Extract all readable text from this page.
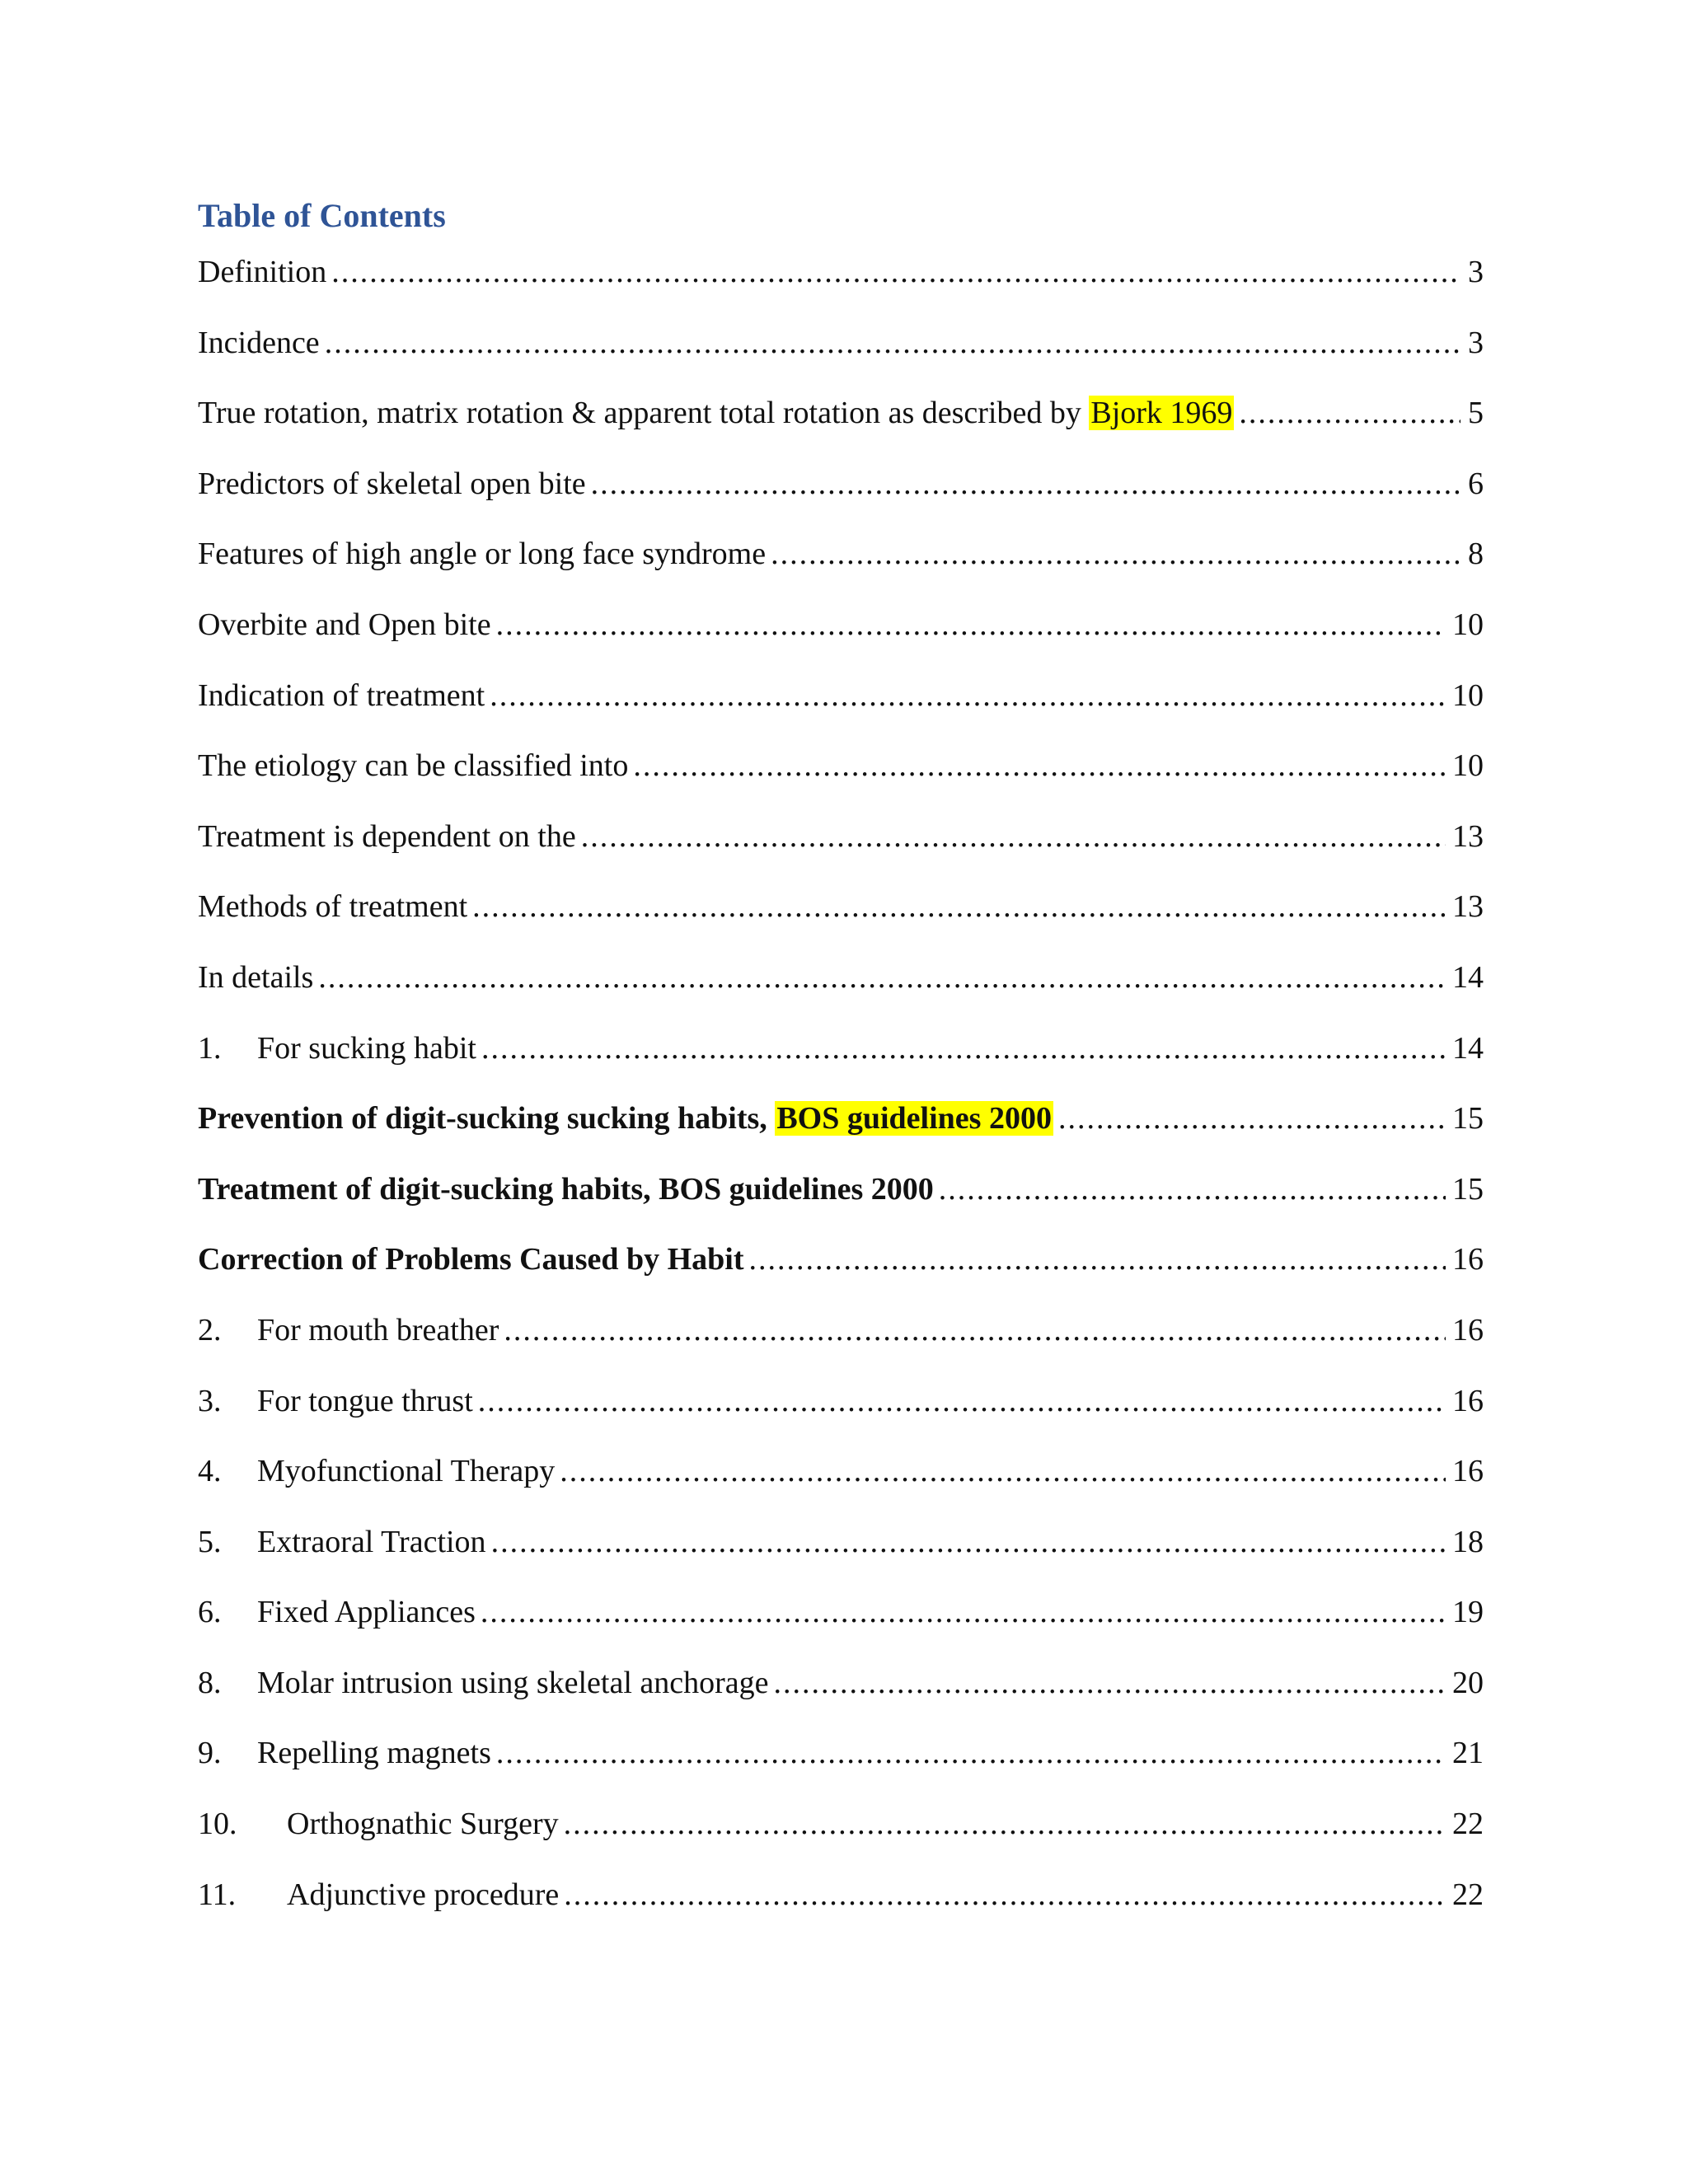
Table of Contents
Definition .....	3
Incidence .....	3
True rotation, matrix rotation & apparent total rotation as described by Bjork 1969 .....	5
Predictors of skeletal open bite .....	6
Features of high angle or long face syndrome .....	8
Overbite and Open bite .....	10
Indication of treatment .....	10
The etiology can be classified into .....	10
Treatment is dependent on the .....	13
Methods of treatment .....	13
In details .....	14
1.	For sucking habit .....	14
Prevention of digit-sucking sucking habits, BOS guidelines 2000 .....	15
Treatment of digit-sucking habits, BOS guidelines 2000 .....	15
Correction of Problems Caused by Habit .....	16
2.	For mouth breather .....	16
3.	For tongue thrust .....	16
4.	Myofunctional Therapy .....	16
5.	Extraoral Traction .....	18
6.	Fixed Appliances .....	19
8.	Molar intrusion using skeletal anchorage .....	20
9.	Repelling magnets .....	21
10.	Orthognathic Surgery .....	22
11.	Adjunctive procedure .....	22
